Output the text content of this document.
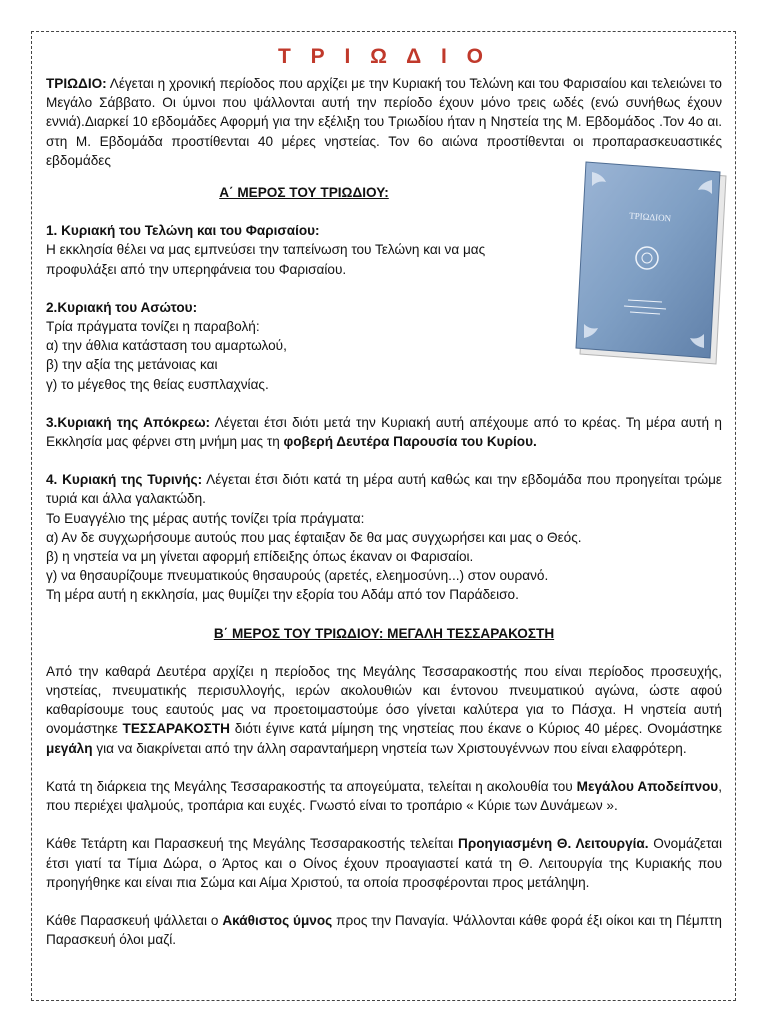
ΤΡΙΩΔΙΟΝ
Τ Ρ Ι Ω Δ Ι Ο

ΤΡΙΩΔΙΟ: Λέγεται η χρονική περίοδος που αρχίζει με την Κυριακή του Τελώνη και του Φαρισαίου και τελειώνει το Μεγάλο Σάββατο. Οι ύμνοι που ψάλλονται αυτή την περίοδο έχουν μόνο τρεις ωδές (ενώ συνήθως έχουν εννιά).Διαρκεί 10 εβδομάδες Αφορμή για την εξέλιξη του Τριωδίου ήταν η Νηστεία της Μ. Εβδομάδος .Τον 4ο αι. στη Μ. Εβδομάδα προστίθενται 40 μέρες νηστείας. Τον 6ο αιώνα προστίθενται οι προπαρασκευαστικές εβδομάδες

Α΄ ΜΕΡΟΣ ΤΟΥ ΤΡΙΩΔΙΟΥ:

1. Κυριακή του Τελώνη και του Φαρισαίου:

Η εκκλησία θέλει να μας εμπνεύσει την ταπείνωση του Τελώνη και να μας προφυλάξει από την υπερηφάνεια του Φαρισαίου.

2.Κυριακή του Ασώτου:

Τρία πράγματα τονίζει η παραβολή:

α) την άθλια κατάσταση του αμαρτωλού,

β) την αξία της μετάνοιας και

γ) το μέγεθος της θείας ευσπλαχνίας.

3.Κυριακή της Απόκρεω: Λέγεται έτσι διότι μετά την Κυριακή αυτή απέχουμε από το κρέας. Τη μέρα αυτή η Εκκλησία μας φέρνει στη μνήμη μας τη φοβερή Δευτέρα Παρουσία του Κυρίου.

4. Κυριακή της Τυρινής: Λέγεται έτσι διότι κατά τη μέρα αυτή καθώς και την εβδομάδα που προηγείται τρώμε τυριά και άλλα γαλακτώδη.

Το Ευαγγέλιο της μέρας αυτής τονίζει τρία πράγματα:

α) Αν δε συγχωρήσουμε αυτούς που μας έφταιξαν δε θα μας συγχωρήσει και μας ο Θεός.

β) η νηστεία να μη γίνεται αφορμή επίδειξης όπως έκαναν οι Φαρισαίοι.

γ) να θησαυρίζουμε πνευματικούς θησαυρούς (αρετές, ελεημοσύνη...) στον ουρανό.

Τη μέρα αυτή η εκκλησία, μας θυμίζει την εξορία του Αδάμ από τον Παράδεισο.

Β΄ ΜΕΡΟΣ ΤΟΥ ΤΡΙΩΔΙΟΥ: ΜΕΓΑΛΗ ΤΕΣΣΑΡΑΚΟΣΤΗ

Από την καθαρά Δευτέρα αρχίζει η περίοδος της Μεγάλης Τεσσαρακοστής που είναι περίοδος προσευχής, νηστείας, πνευματικής περισυλλογής, ιερών ακολουθιών και έντονου πνευματικού αγώνα, ώστε αφού καθαρίσουμε τους εαυτούς μας να προετοιμαστούμε όσο γίνεται καλύτερα για το Πάσχα. Η νηστεία αυτή ονομάστηκε ΤΕΣΣΑΡΑΚΟΣΤΗ διότι έγινε κατά μίμηση της νηστείας που έκανε ο Κύριος 40 μέρες. Ονομάστηκε μεγάλη για να διακρίνεται από την άλλη σαρανταήμερη νηστεία των Χριστουγέννων που είναι ελαφρότερη.

Κατά τη διάρκεια της Μεγάλης Τεσσαρακοστής τα απογεύματα, τελείται η ακολουθία του Μεγάλου Αποδείπνου, που περιέχει ψαλμούς, τροπάρια και ευχές. Γνωστό είναι το τροπάριο « Κύριε των Δυνάμεων ».

Κάθε Τετάρτη και Παρασκευή της Μεγάλης Τεσσαρακοστής τελείται Προηγιασμένη Θ. Λειτουργία. Ονομάζεται έτσι γιατί τα Τίμια Δώρα, ο Άρτος και ο Οίνος έχουν προαγιαστεί κατά τη Θ. Λειτουργία της Κυριακής που προηγήθηκε και είναι πια Σώμα και Αίμα Χριστού, τα οποία προσφέρονται προς μετάληψη.

Κάθε Παρασκευή ψάλλεται ο Ακάθιστος ύμνος προς την Παναγία. Ψάλλονται κάθε φορά έξι οίκοι και τη Πέμπτη Παρασκευή όλοι μαζί.
